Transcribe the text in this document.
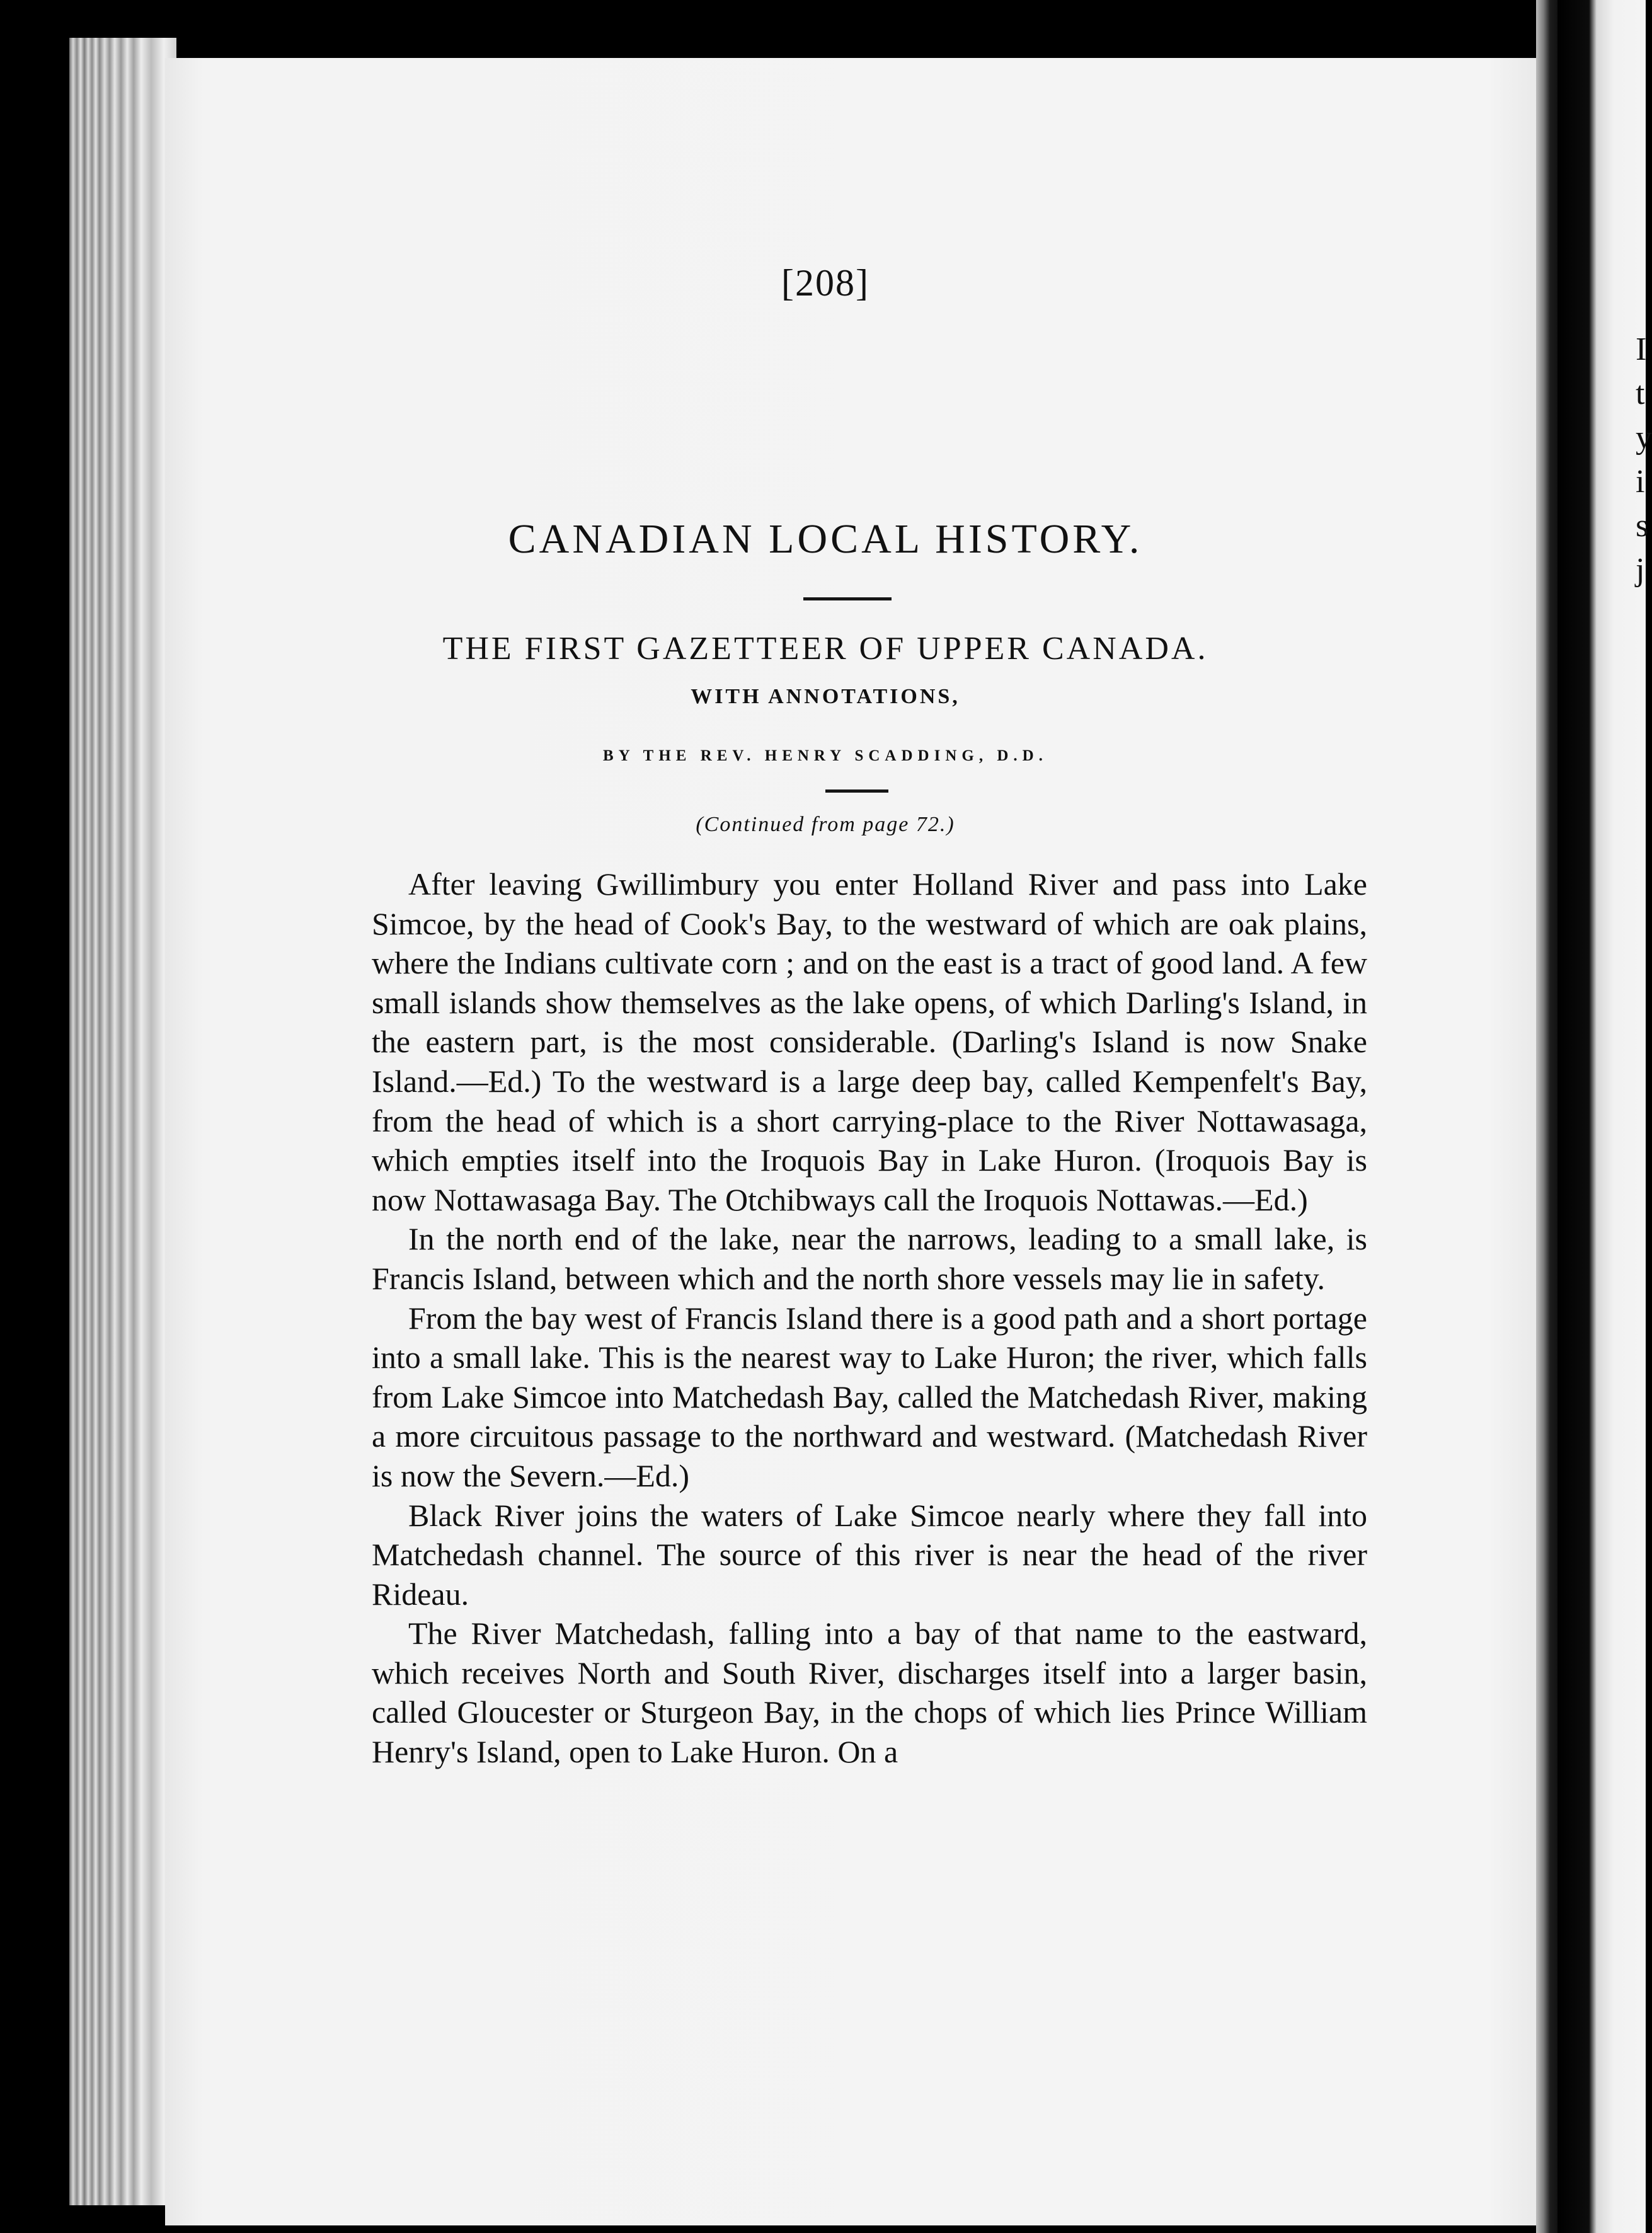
[208]
CANADIAN LOCAL HISTORY.
THE FIRST GAZETTEER OF UPPER CANADA.
WITH ANNOTATIONS,
BY THE REV. HENRY SCADDING, D.D.
(Continued from page 72.)

After leaving Gwillimbury you enter Holland River and pass into Lake Simcoe, by the head of Cook's Bay, to the westward of which are oak plains, where the Indians cultivate corn ; and on the east is a tract of good land. A few small islands show themselves as the lake opens, of which Darling's Island, in the eastern part, is the most considerable. (Darling's Island is now Snake Island.—Ed.) To the westward is a large deep bay, called Kempenfelt's Bay, from the head of which is a short carrying-place to the River Nottawasaga, which empties itself into the Iroquois Bay in Lake Huron. (Iroquois Bay is now Nottawasaga Bay. The Otchibways call the Iroquois Nottawas.—Ed.)

In the north end of the lake, near the narrows, leading to a small lake, is Francis Island, between which and the north shore vessels may lie in safety.

From the bay west of Francis Island there is a good path and a short portage into a small lake. This is the nearest way to Lake Huron; the river, which falls from Lake Simcoe into Matchedash Bay, called the Matchedash River, making a more circuitous passage to the northward and westward. (Matchedash River is now the Severn.—Ed.)

Black River joins the waters of Lake Simcoe nearly where they fall into Matchedash channel. The source of this river is near the head of the river Rideau.

The River Matchedash, falling into a bay of that name to the eastward, which receives North and South River, discharges itself into a larger basin, called Gloucester or Sturgeon Bay, in the chops of which lies Prince William Henry's Island, open to Lake Huron. On a

I t y i s j
